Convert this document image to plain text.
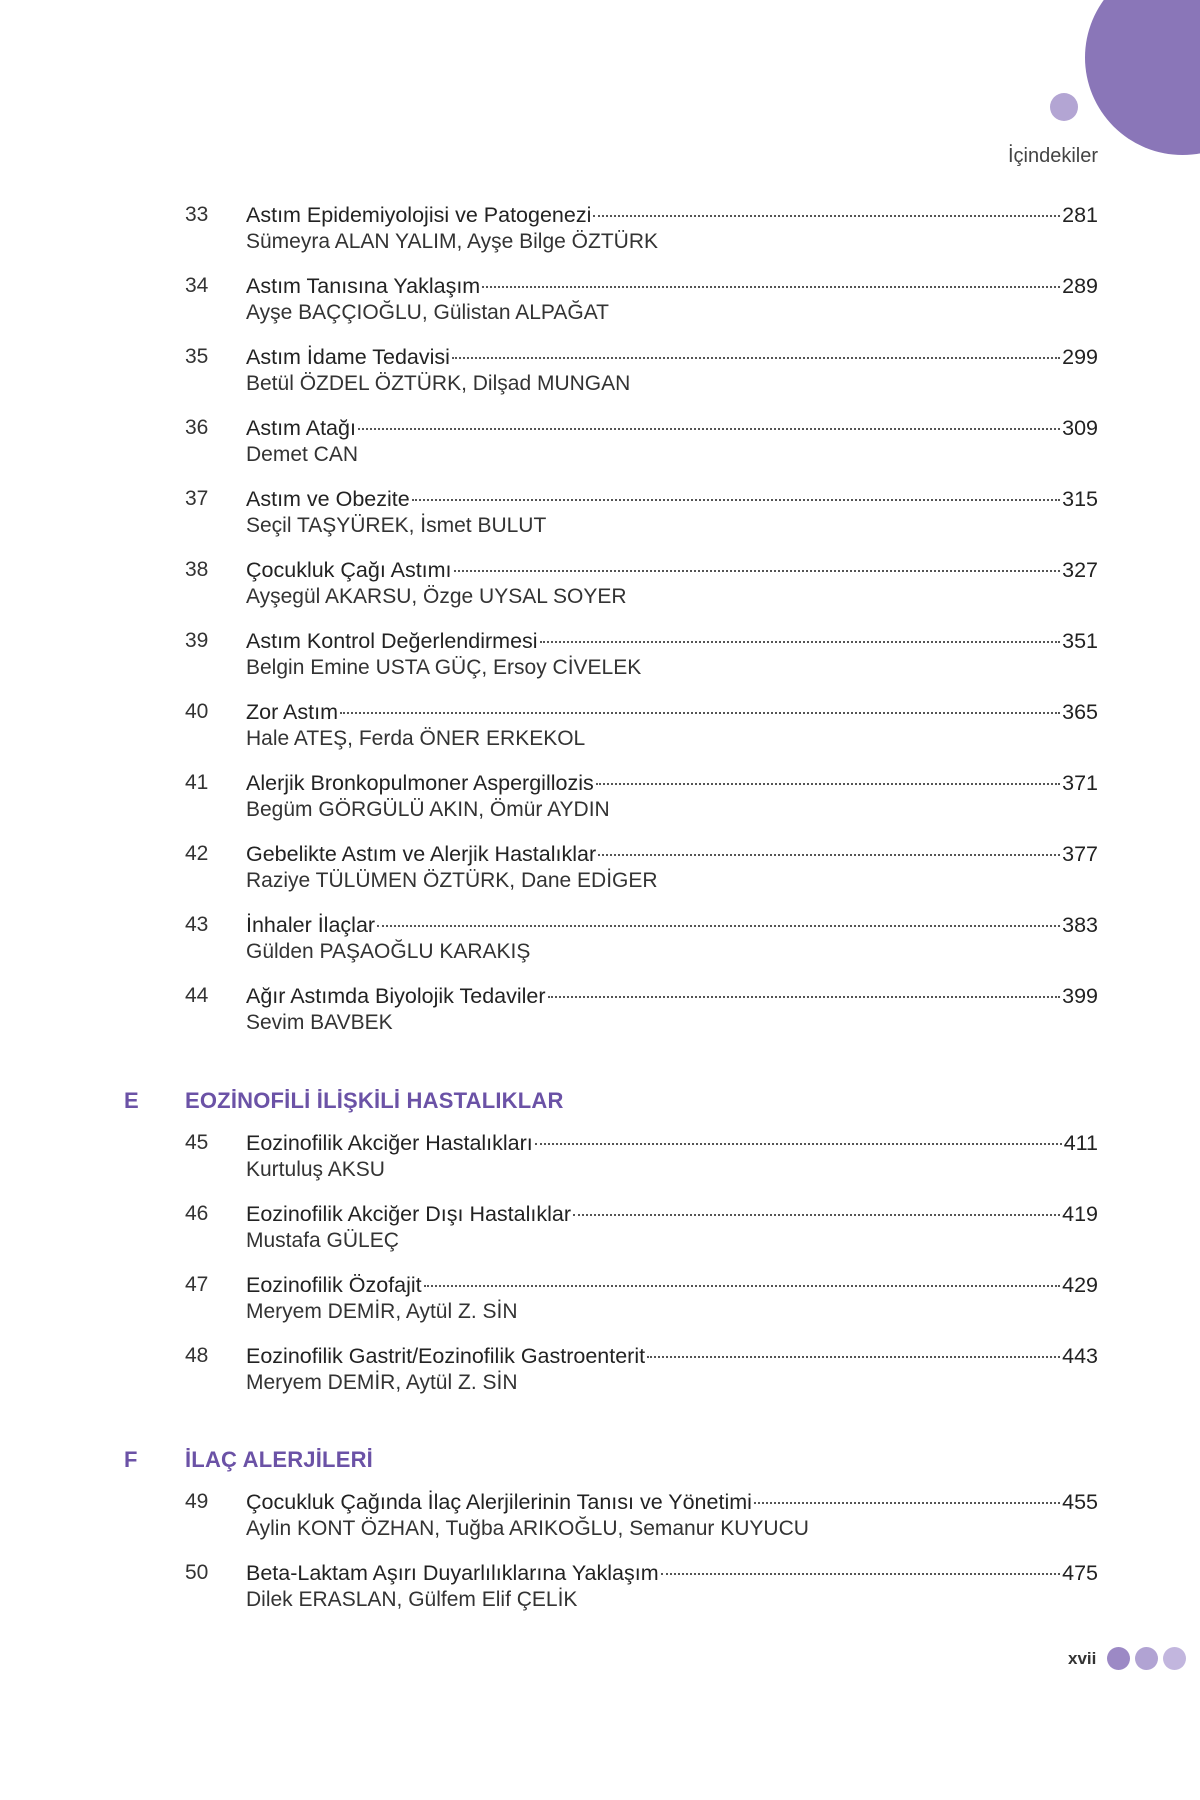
İçindekiler
33 Astım Epidemiyolojisi ve Patogenezi	281
Sümeyra ALAN YALIM, Ayşe Bilge ÖZTÜRK
34 Astım Tanısına Yaklaşım	289
Ayşe BAÇÇIOĞLU, Gülistan ALPAĞAT
35 Astım İdame Tedavisi	299
Betül ÖZDEL ÖZTÜRK, Dilşad MUNGAN
36 Astım Atağı	309
Demet CAN
37 Astım ve Obezite	315
Seçil TAŞYÜREK, İsmet BULUT
38 Çocukluk Çağı Astımı	327
Ayşegül AKARSU, Özge UYSAL SOYER
39 Astım Kontrol Değerlendirmesi	351
Belgin Emine USTA GÜÇ, Ersoy CİVELEK
40 Zor Astım	365
Hale ATEŞ, Ferda ÖNER ERKEKOL
41 Alerjik Bronkopulmoner Aspergillozis	371
Begüm GÖRGÜLÜ AKIN, Ömür AYDIN
42 Gebelikte Astım ve Alerjik Hastalıklar	377
Raziye TÜLÜMEN ÖZTÜRK, Dane EDİGER
43 İnhaler İlaçlar	383
Gülden PAŞAOĞLU KARAKIŞ
44 Ağır Astımda Biyolojik Tedaviler	399
Sevim BAVBEK
E EOZİNOFİLİ İLİŞKİLİ HASTALIKLAR
45 Eozinofilik Akciğer Hastalıkları	411
Kurtuluş AKSU
46 Eozinofilik Akciğer Dışı Hastalıklar	419
Mustafa GÜLEÇ
47 Eozinofilik Özofajit	429
Meryem DEMİR, Aytül Z. SİN
48 Eozinofilik Gastrit/Eozinofilik Gastroenterit	443
Meryem DEMİR, Aytül Z. SİN
F İLAÇ ALERJİLERİ
49 Çocukluk Çağında İlaç Alerjilerinin Tanısı ve Yönetimi	455
Aylin KONT ÖZHAN, Tuğba ARIKOĞLU, Semanur KUYUCU
50 Beta-Laktam Aşırı Duyarlılıklarına Yaklaşım	475
Dilek ERASLAN, Gülfem Elif ÇELİK
xvii
